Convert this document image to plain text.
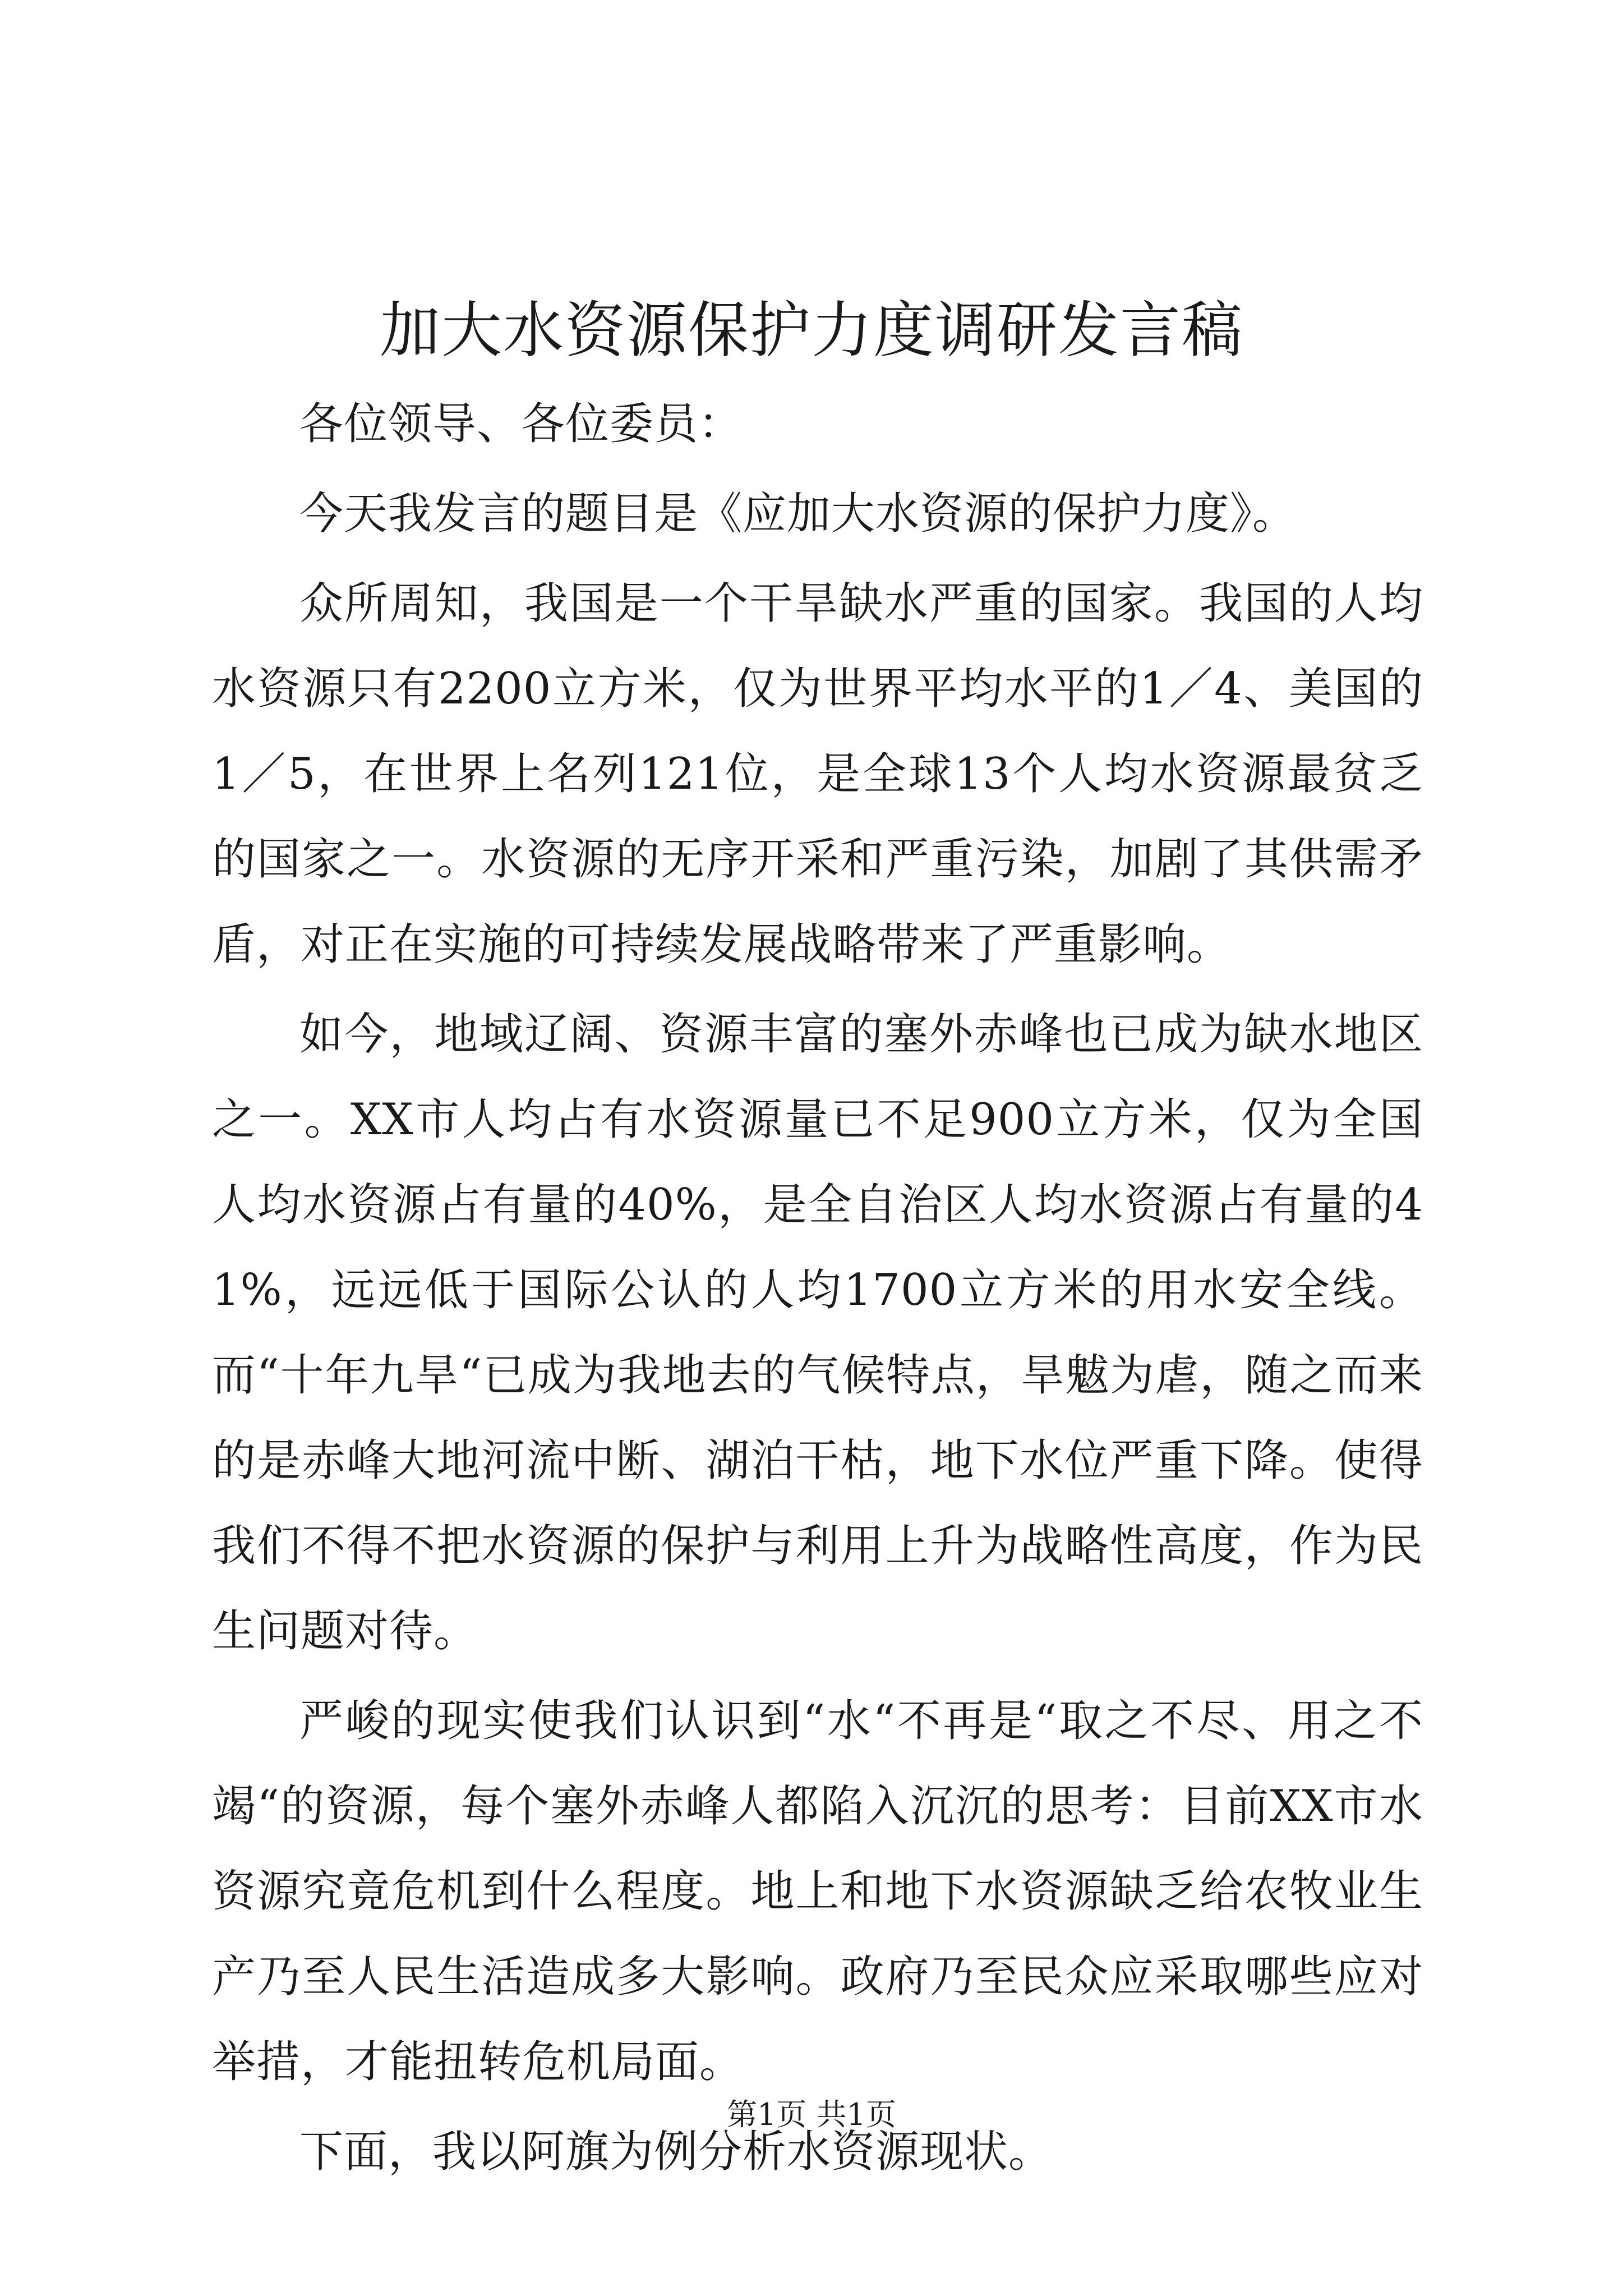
加大水资源保护力度调研发言稿

各位领导、各位委员：

今天我发言的题目是《应加大水资源的保护力度》。

众所周知，我国是一个干旱缺水严重的国家。我国的人均水资源只有2200立方米，仅为世界平均水平的1／4、美国的1／5，在世界上名列121位，是全球13个人均水资源最贫乏的国家之一。水资源的无序开采和严重污染，加剧了其供需矛盾，对正在实施的可持续发展战略带来了严重影响。

如今，地域辽阔、资源丰富的塞外赤峰也已成为缺水地区之一。XX市人均占有水资源量已不足900立方米，仅为全国人均水资源占有量的40%，是全自治区人均水资源占有量的41%，远远低于国际公认的人均1700立方米的用水安全线。而“十年九旱“已成为我地去的气候特点，旱魃为虐，随之而来的是赤峰大地河流中断、湖泊干枯，地下水位严重下降。使得我们不得不把水资源的保护与利用上升为战略性高度，作为民生问题对待。

严峻的现实使我们认识到“水“不再是“取之不尽、用之不竭“的资源，每个塞外赤峰人都陷入沉沉的思考：目前XX市水资源究竟危机到什么程度。地上和地下水资源缺乏给农牧业生产乃至人民生活造成多大影响。政府乃至民众应采取哪些应对举措，才能扭转危机局面。

下面，我以阿旗为例分析水资源现状。

第1页 共1页
